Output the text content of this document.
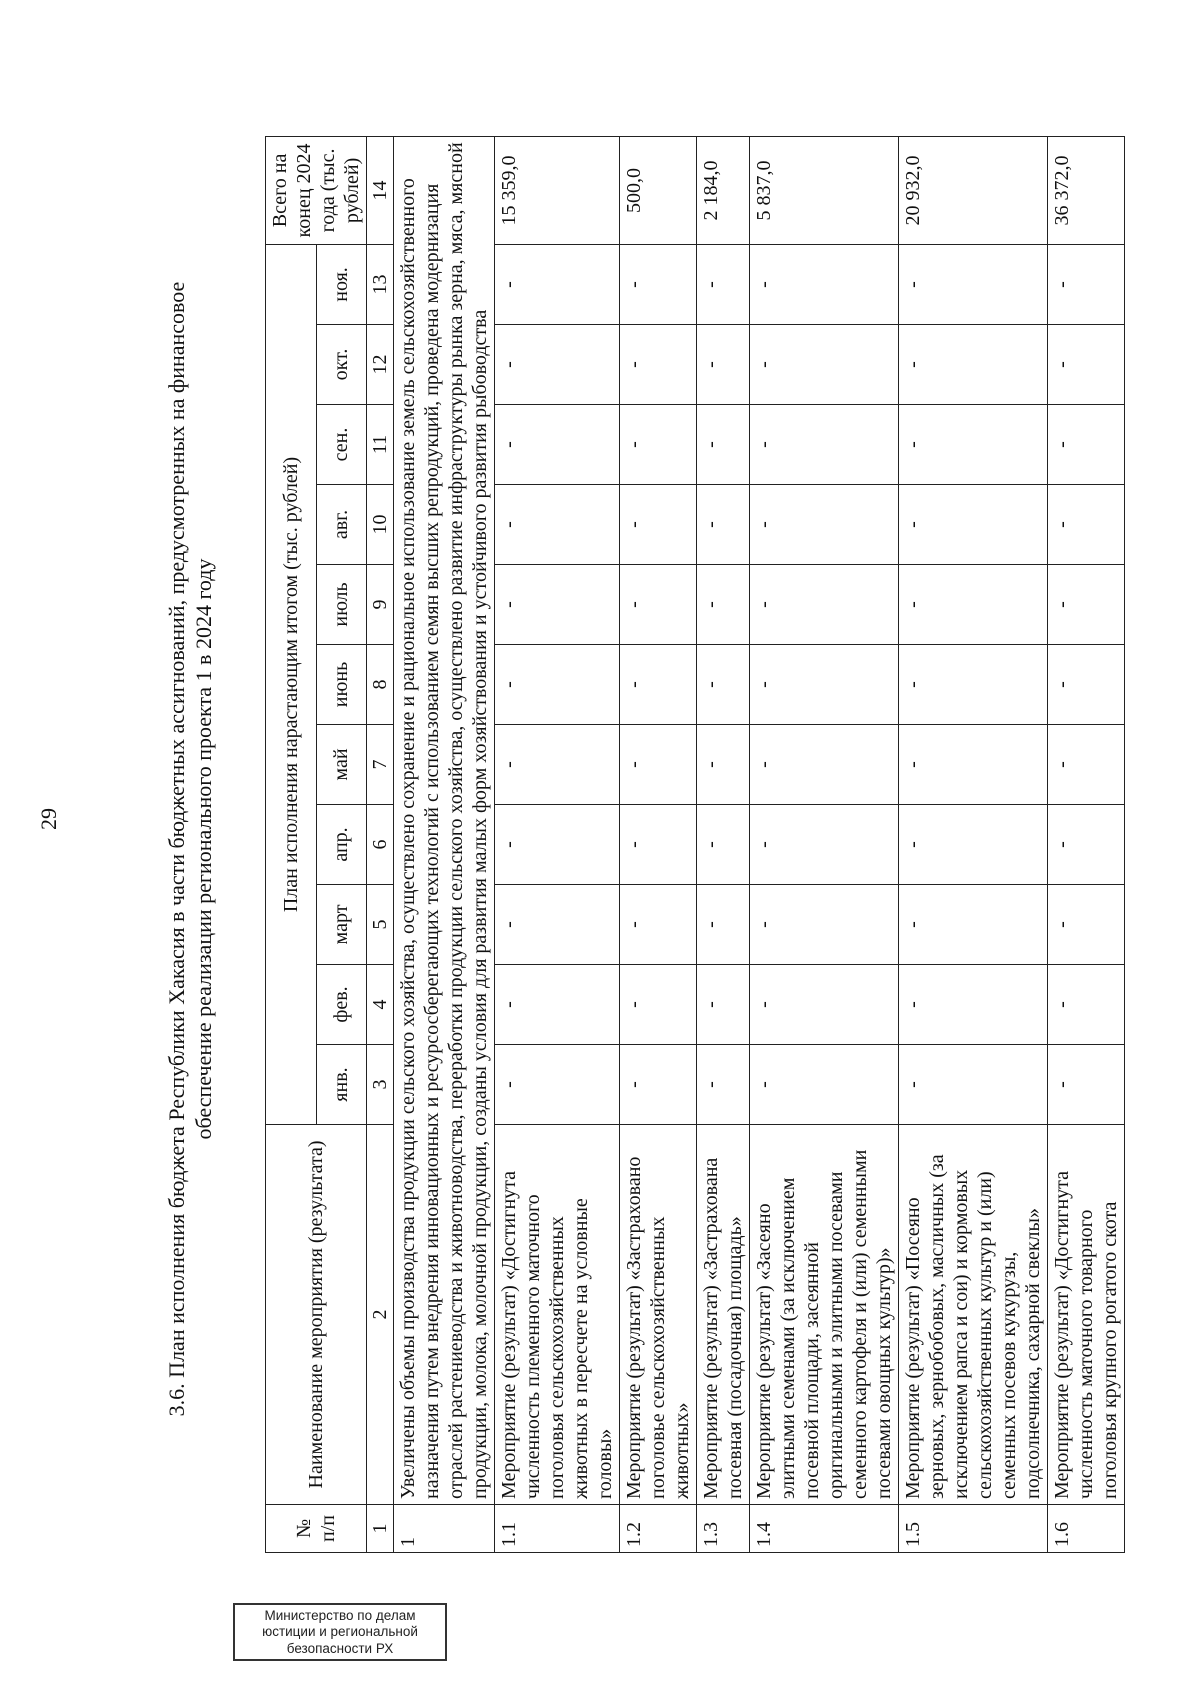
29
Министерство по делам
юстиции и региональной
безопасности РХ
3.6. План исполнения бюджета Республики Хакасия в части бюджетных ассигнований, предусмотренных на финансовое обеспечение реализации регионального проекта 1 в 2024 году
№ п/п	Наименование мероприятия (результата)	План исполнения нарастающим итогом (тыс. рублей)											Всего на конец 2024 года (тыс. рублей)
		янв.	фев.	март	апр.	май	июнь	июль	авг.	сен.	окт.	ноя.	
1	2	3	4	5	6	7	8	9	10	11	12	13	14
1	Увеличены объемы производства продукции сельского хозяйства, осуществлено сохранение и рациональное использование земель сельскохозяйственного назначения путем внедрения инновационных и ресурсосберегающих технологий с использованием семян высших репродукций, проведена модернизация отраслей растениеводства и животноводства, переработки продукции сельского хозяйства, осуществлено развитие инфраструктуры рынка зерна, мяса, мясной продукции, молока, молочной продукции, созданы условия для развития малых форм хозяйствования и устойчивого развития рыбоводства												
1.1	Мероприятие (результат) «Достигнута численность племенного маточного поголовья сельскохозяйственных животных в пересчете на условные головы»	-	-	-	-	-	-	-	-	-	-	-	15 359,0
1.2	Мероприятие (результат) «Застраховано поголовье сельскохозяйственных животных»	-	-	-	-	-	-	-	-	-	-	-	500,0
1.3	Мероприятие (результат) «Застрахована посевная (посадочная) площадь»	-	-	-	-	-	-	-	-	-	-	-	2 184,0
1.4	Мероприятие (результат) «Засеяно элитными семенами (за исключением посевной площади, засеянной оригинальными и элитными посевами семенного картофеля и (или) семенными посевами овощных культур)»	-	-	-	-	-	-	-	-	-	-	-	5 837,0
1.5	Мероприятие (результат) «Посеяно зерновых, зернобобовых, масличных (за исключением рапса и сои) и кормовых сельскохозяйственных культур и (или) семенных посевов кукурузы, подсолнечника, сахарной свеклы»	-	-	-	-	-	-	-	-	-	-	-	20 932,0
1.6	Мероприятие (результат) «Достигнута численность маточного товарного поголовья крупного рогатого скота	-	-	-	-	-	-	-	-	-	-	-	36 372,0
